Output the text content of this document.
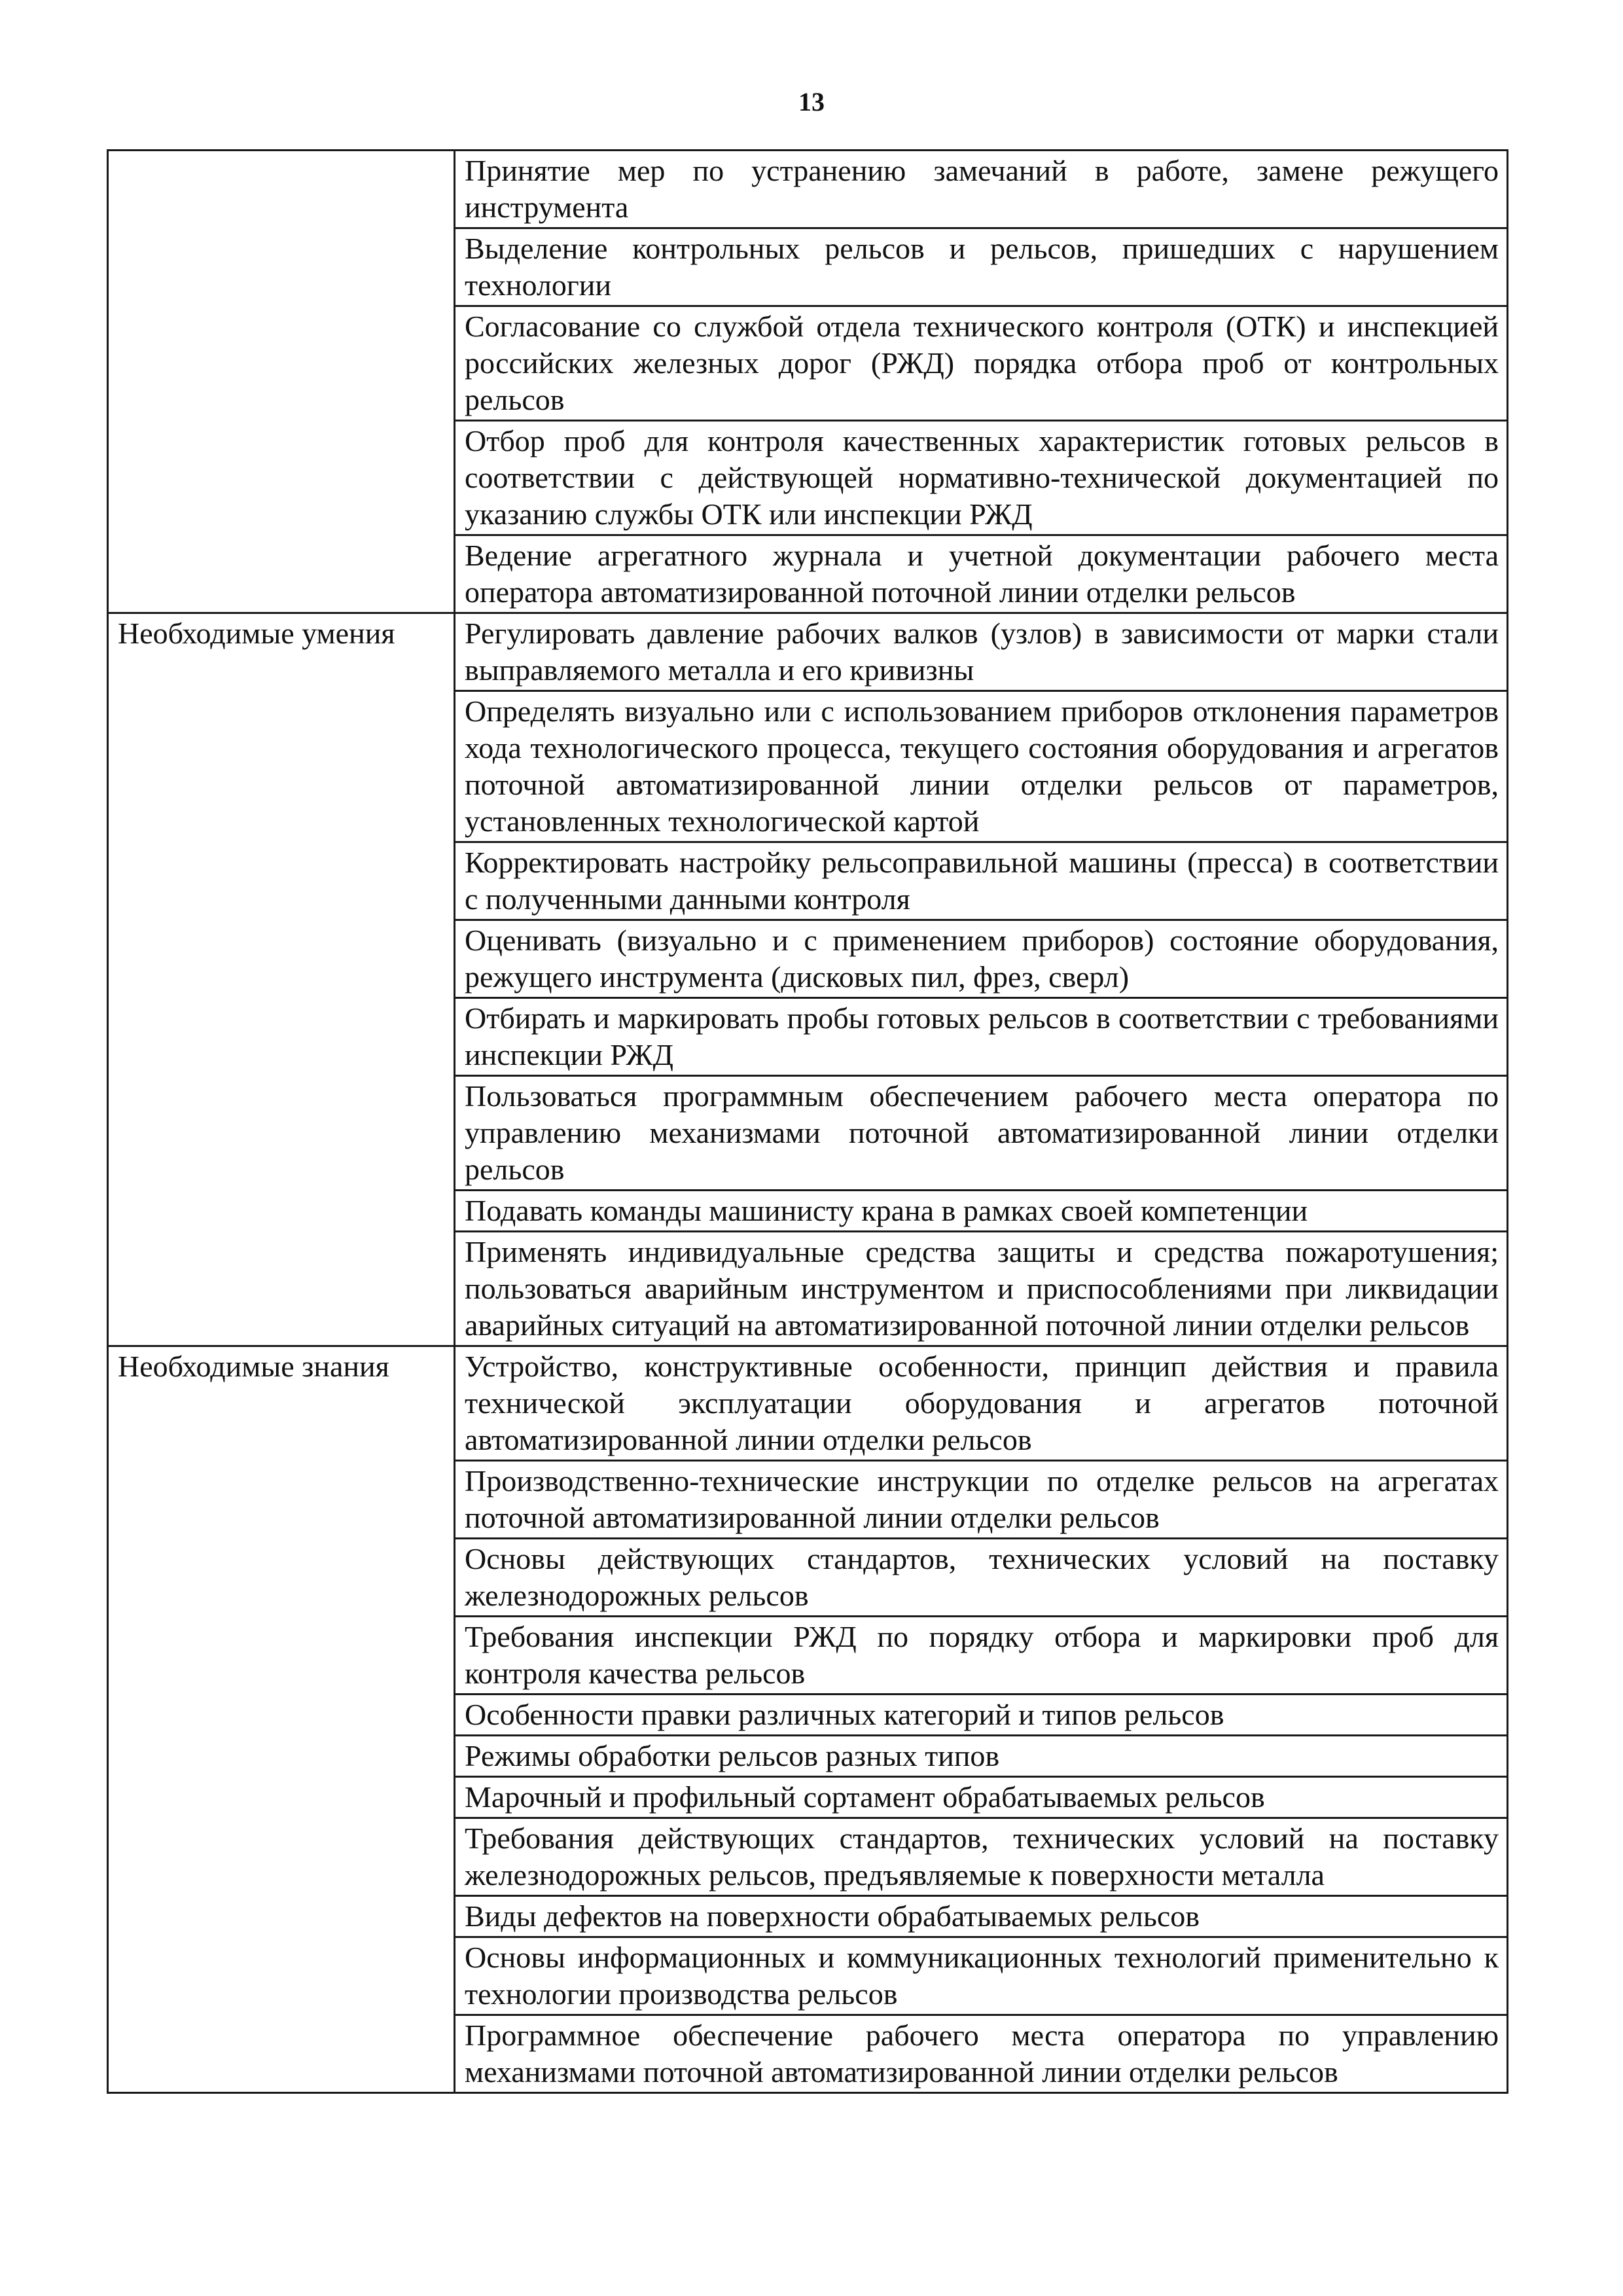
13
	Принятие мер по устранению замечаний в работе, замене режущего инструмента
	Выделение контрольных рельсов и рельсов, пришедших с нарушением технологии
	Согласование со службой отдела технического контроля (ОТК) и инспекцией российских железных дорог (РЖД) порядка отбора проб от контрольных рельсов
	Отбор проб для контроля качественных характеристик готовых рельсов в соответствии с действующей нормативно-технической документацией по указанию службы ОТК или инспекции РЖД
	Ведение агрегатного журнала и учетной документации рабочего места оператора автоматизированной поточной линии отделки рельсов
Необходимые умения	Регулировать давление рабочих валков (узлов) в зависимости от марки стали выправляемого металла и его кривизны
	Определять визуально или с использованием приборов отклонения параметров хода технологического процесса, текущего состояния оборудования и агрегатов поточной автоматизированной линии отделки рельсов от параметров, установленных технологической картой
	Корректировать настройку рельсоправильной машины (пресса) в соответствии с полученными данными контроля
	Оценивать (визуально и с применением приборов) состояние оборудования, режущего инструмента (дисковых пил, фрез, сверл)
	Отбирать и маркировать пробы готовых рельсов в соответствии с требованиями инспекции РЖД
	Пользоваться программным обеспечением рабочего места оператора по управлению механизмами поточной автоматизированной линии отделки рельсов
	Подавать команды машинисту крана в рамках своей компетенции
	Применять индивидуальные средства защиты и средства пожаротушения; пользоваться аварийным инструментом и приспособлениями при ликвидации аварийных ситуаций на автоматизированной поточной линии отделки рельсов
Необходимые знания	Устройство, конструктивные особенности, принцип действия и правила технической эксплуатации оборудования и агрегатов поточной автоматизированной линии отделки рельсов
	Производственно-технические инструкции по отделке рельсов на агрегатах поточной автоматизированной линии отделки рельсов
	Основы действующих стандартов, технических условий на поставку железнодорожных рельсов
	Требования инспекции РЖД по порядку отбора и маркировки проб для контроля качества рельсов
	Особенности правки различных категорий и типов рельсов
	Режимы обработки рельсов разных типов
	Марочный и профильный сортамент обрабатываемых рельсов
	Требования действующих стандартов, технических условий на поставку железнодорожных рельсов, предъявляемые к поверхности металла
	Виды дефектов на поверхности обрабатываемых рельсов
	Основы информационных и коммуникационных технологий применительно к технологии производства рельсов
	Программное обеспечение рабочего места оператора по управлению механизмами поточной автоматизированной линии отделки рельсов
